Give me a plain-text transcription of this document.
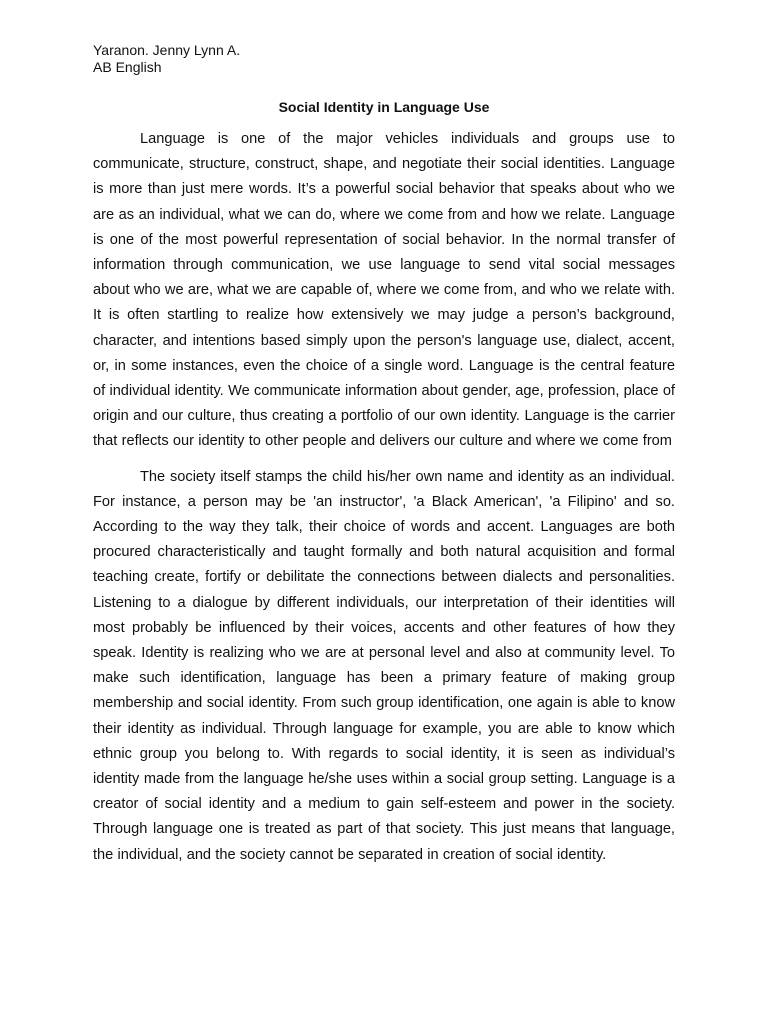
Yaranon. Jenny Lynn A.

AB English

Social Identity in Language Use

Language is one of the major vehicles individuals and groups use to communicate, structure, construct, shape, and negotiate their social identities. Language is more than just mere words. It’s a powerful social behavior that speaks about who we are as an individual, what we can do, where we come from and how we relate. Language is one of the most powerful representation of social behavior. In the normal transfer of information through communication, we use language to send vital social messages about who we are, what we are capable of, where we come from, and who we relate with. It is often startling to realize how extensively we may judge a person’s background, character, and intentions based simply upon the person's language use, dialect, accent, or, in some instances, even the choice of a single word. Language is the central feature of individual identity. We communicate information about gender, age, profession, place of origin and our culture, thus creating a portfolio of our own identity. Language is the carrier that reflects our identity to other people and delivers our culture and where we come from

The society itself stamps the child his/her own name and identity as an individual. For instance, a person may be 'an instructor', 'a Black American', 'a Filipino' and so. According to the way they talk, their choice of words and accent. Languages are both procured characteristically and taught formally and both natural acquisition and formal teaching create, fortify or debilitate the connections between dialects and personalities. Listening to a dialogue by different individuals, our interpretation of their identities will most probably be influenced by their voices, accents and other features of how they speak. Identity is realizing who we are at personal level and also at community level. To make such identification, language has been a primary feature of making group membership and social identity. From such group identification, one again is able to know their identity as individual. Through language for example, you are able to know which ethnic group you belong to. With regards to social identity, it is seen as individual’s identity made from the language he/she uses within a social group setting. Language is a creator of social identity and a medium to gain self-esteem and power in the society. Through language one is treated as part of that society. This just means that language, the individual, and the society cannot be separated in creation of social identity.
